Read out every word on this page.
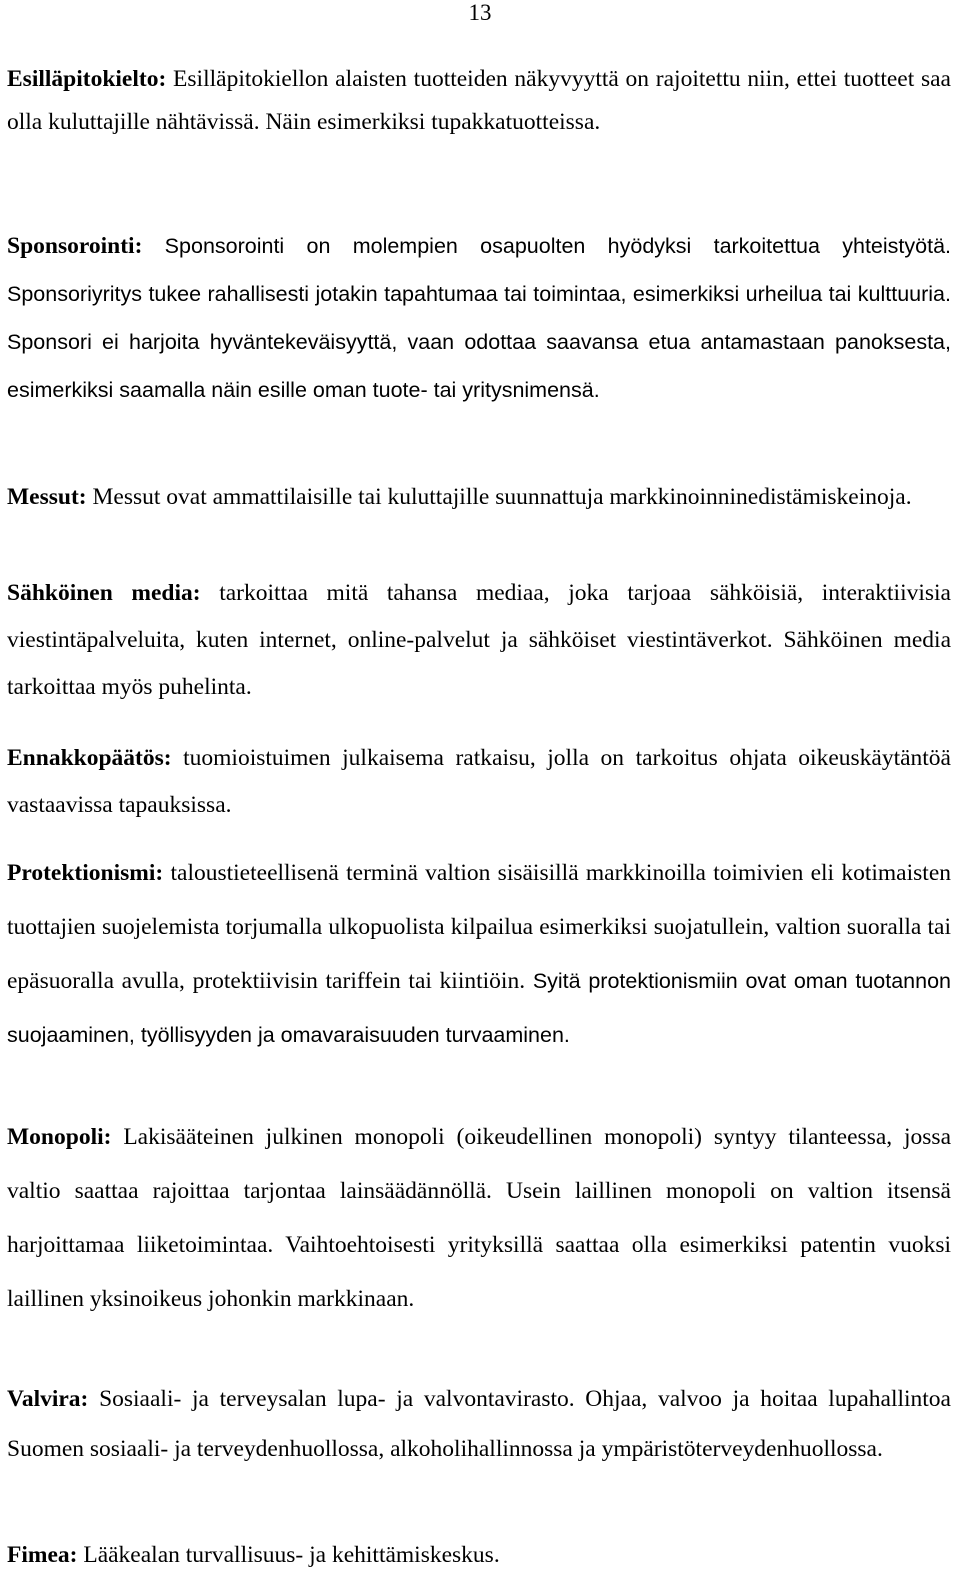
13

Esilläpitokielto: Esilläpitokiellon alaisten tuotteiden näkyvyyttä on rajoitettu niin, ettei tuotteet saa olla kuluttajille nähtävissä. Näin esimerkiksi tupakkatuotteissa.

Sponsorointi: Sponsorointi on molempien osapuolten hyödyksi tarkoitettua yhteistyötä. Sponsoriyritys tukee rahallisesti jotakin tapahtumaa tai toimintaa, esimerkiksi urheilua tai kulttuuria. Sponsori ei harjoita hyväntekeväisyyttä, vaan odottaa saavansa etua antamastaan panoksesta, esimerkiksi saamalla näin esille oman tuote- tai yritysnimensä.

Messut: Messut ovat ammattilaisille tai kuluttajille suunnattuja markkinoinninedistämiskeinoja.

Sähköinen media: tarkoittaa mitä tahansa mediaa, joka tarjoaa sähköisiä, interaktiivisia viestintäpalveluita, kuten internet, online-palvelut ja sähköiset viestintäverkot. Sähköinen media tarkoittaa myös puhelinta.

Ennakkopäätös: tuomioistuimen julkaisema ratkaisu, jolla on tarkoitus ohjata oikeuskäytäntöä vastaavissa tapauksissa.

Protektionismi: taloustieteellisenä terminä valtion sisäisillä markkinoilla toimivien eli kotimaisten tuottajien suojelemista torjumalla ulkopuolista kilpailua esimerkiksi suojatullein, valtion suoralla tai epäsuoralla avulla, protektiivisin tariffein tai kiintiöin. Syitä protektionismiin ovat oman tuotannon suojaaminen, työllisyyden ja omavaraisuuden turvaaminen.

Monopoli: Lakisääteinen julkinen monopoli (oikeudellinen monopoli) syntyy tilanteessa, jossa valtio saattaa rajoittaa tarjontaa lainsäädännöllä. Usein laillinen monopoli on valtion itsensä harjoittamaa liiketoimintaa. Vaihtoehtoisesti yrityksillä saattaa olla esimerkiksi patentin vuoksi laillinen yksinoikeus johonkin markkinaan.

Valvira: Sosiaali- ja terveysalan lupa- ja valvontavirasto. Ohjaa, valvoo ja hoitaa lupahallintoa Suomen sosiaali- ja terveydenhuollossa, alkoholihallinnossa ja ympäristöterveydenhuollossa.

Fimea: Lääkealan turvallisuus- ja kehittämiskeskus.
